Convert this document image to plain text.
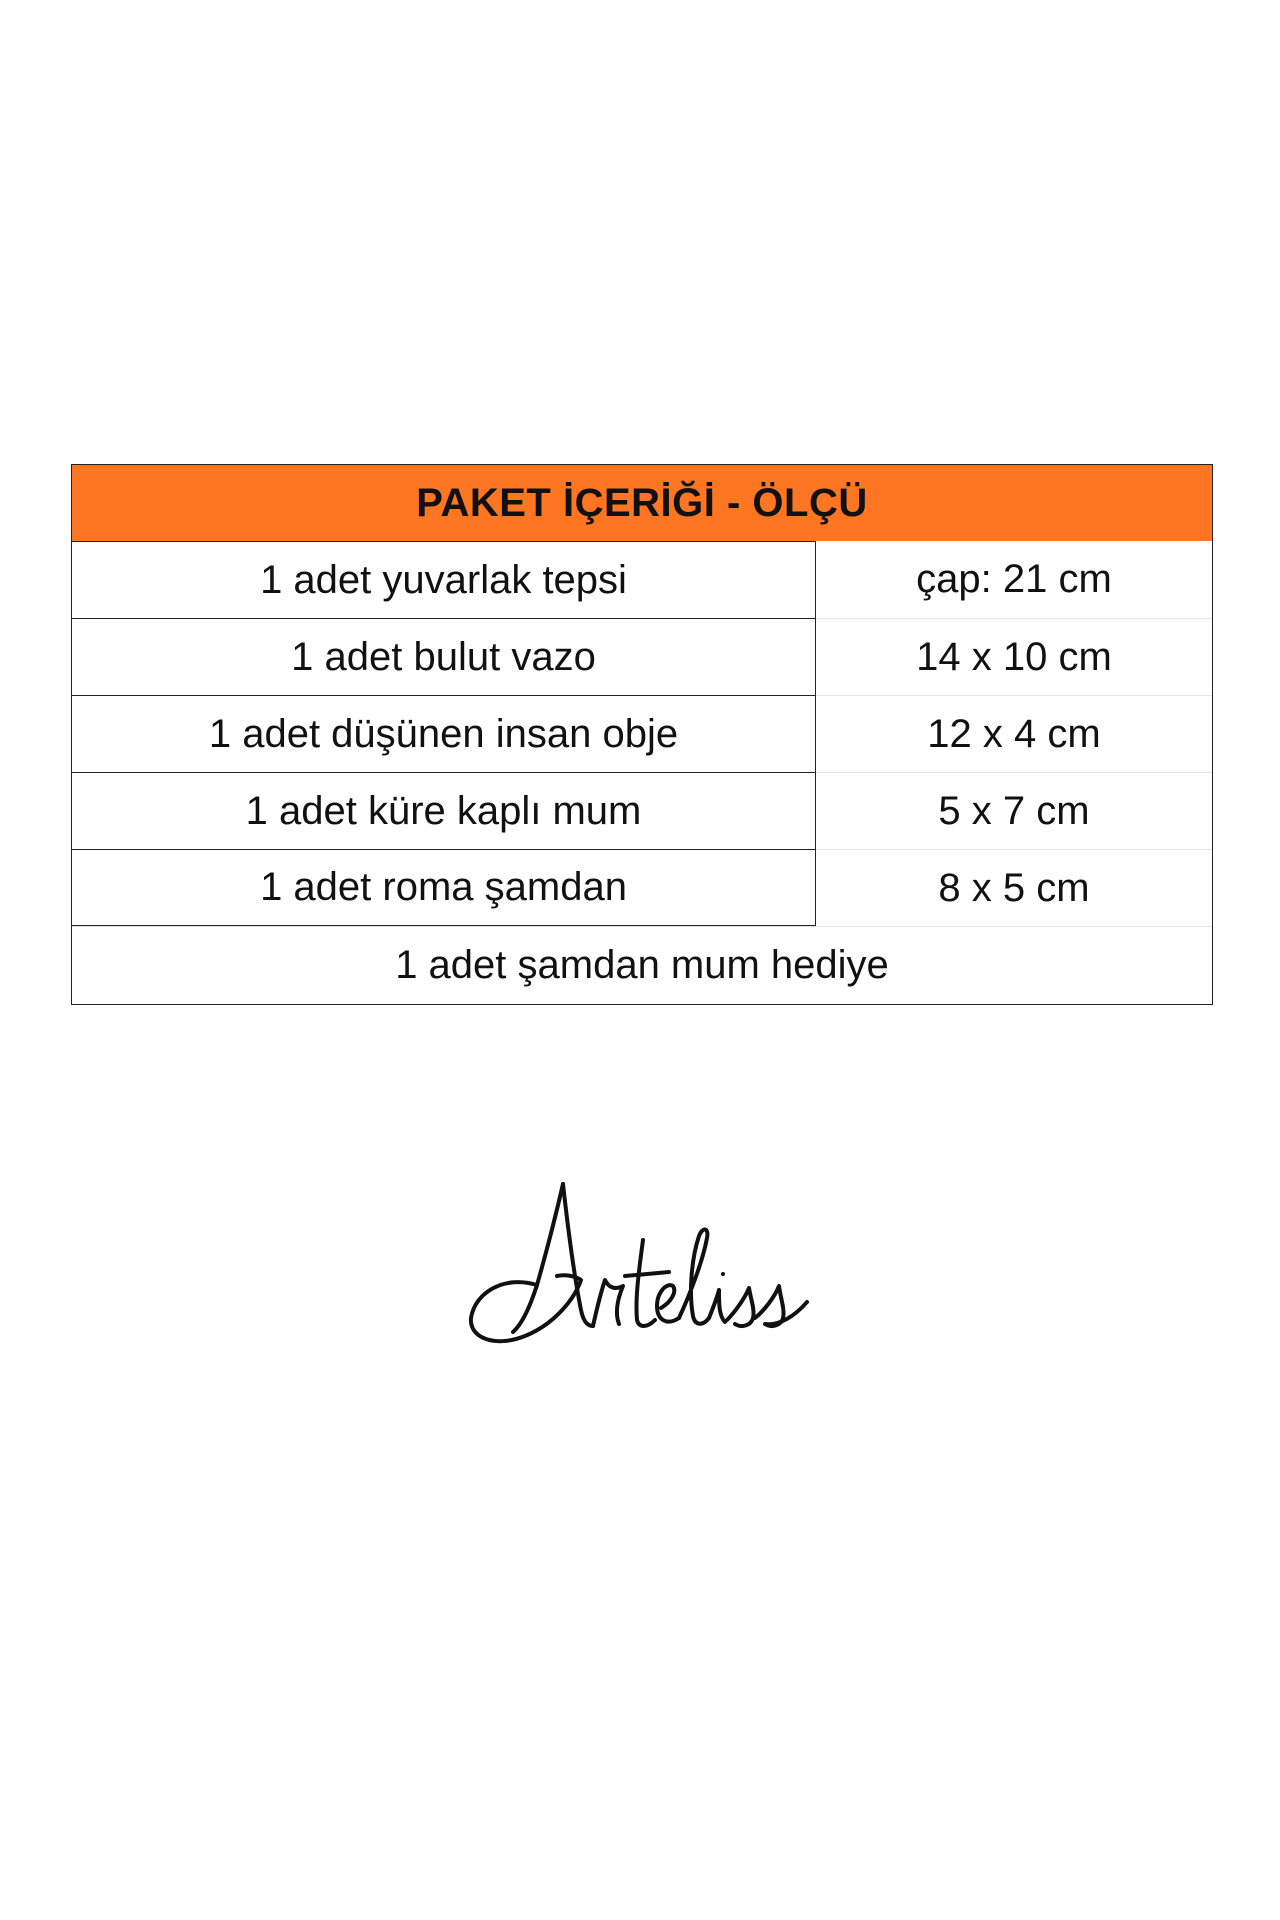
PAKET İÇERİĞİ - ÖLÇÜ
1 adet yuvarlak tepsi	çap: 21 cm
1 adet bulut vazo	14 x 10 cm
1 adet düşünen insan obje	12 x 4 cm
1 adet küre kaplı mum	5 x 7 cm
1 adet roma şamdan	8 x 5 cm
1 adet şamdan mum hediye
